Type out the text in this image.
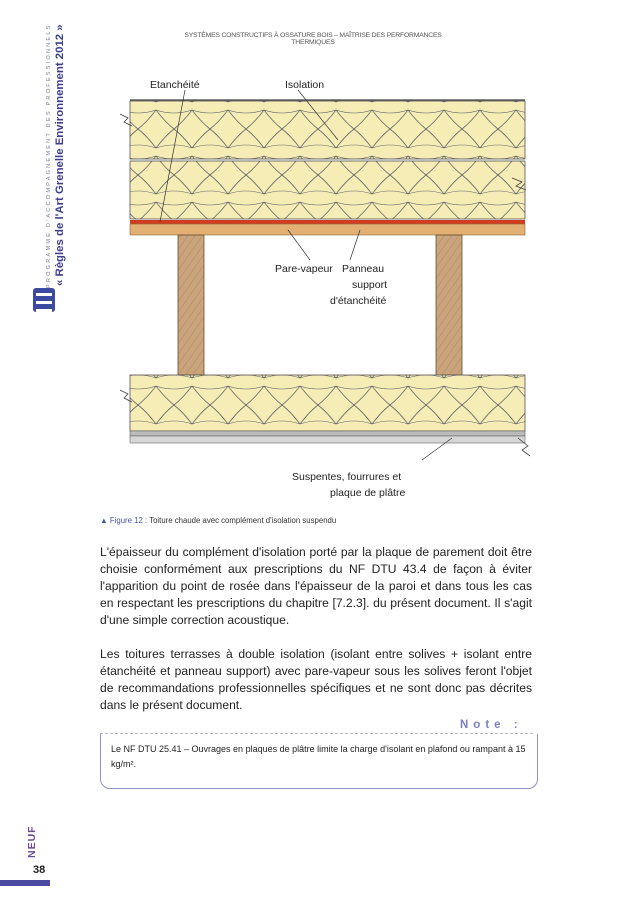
PROGRAMME D'ACCOMPAGNEMENT DES PROFESSIONNELS « Règles de l'Art Grenelle Environnement 2012 »
NEUF
38
SYSTÈMES CONSTRUCTIFS À OSSATURE BOIS – MAÎTRISE DES PERFORMANCES THERMIQUES
Etanchéité	Isolation
Pare-vapeur Panneau
support
d'étanchéité
Suspentes, fourrures et
plaque de plâtre
▲ Figure 12 : Toiture chaude avec complément d'isolation suspendu
L'épaisseur du complément d'isolation porté par la plaque de parement doit être choisie conformément aux prescriptions du NF DTU 43.4 de façon à éviter l'apparition du point de rosée dans l'épaisseur de la paroi et dans tous les cas en respectant les prescriptions du chapitre [7.2.3]. du présent document. Il s'agit d'une simple correction acoustique.
Les toitures terrasses à double isolation (isolant entre solives + isolant entre étanchéité et panneau support) avec pare-vapeur sous les solives feront l'objet de recommandations professionnelles spécifiques et ne sont donc pas décrites dans le présent document.
Note :
Le NF DTU 25.41 – Ouvrages en plaques de plâtre limite la charge d'isolant en plafond ou rampant à 15 kg/m².
